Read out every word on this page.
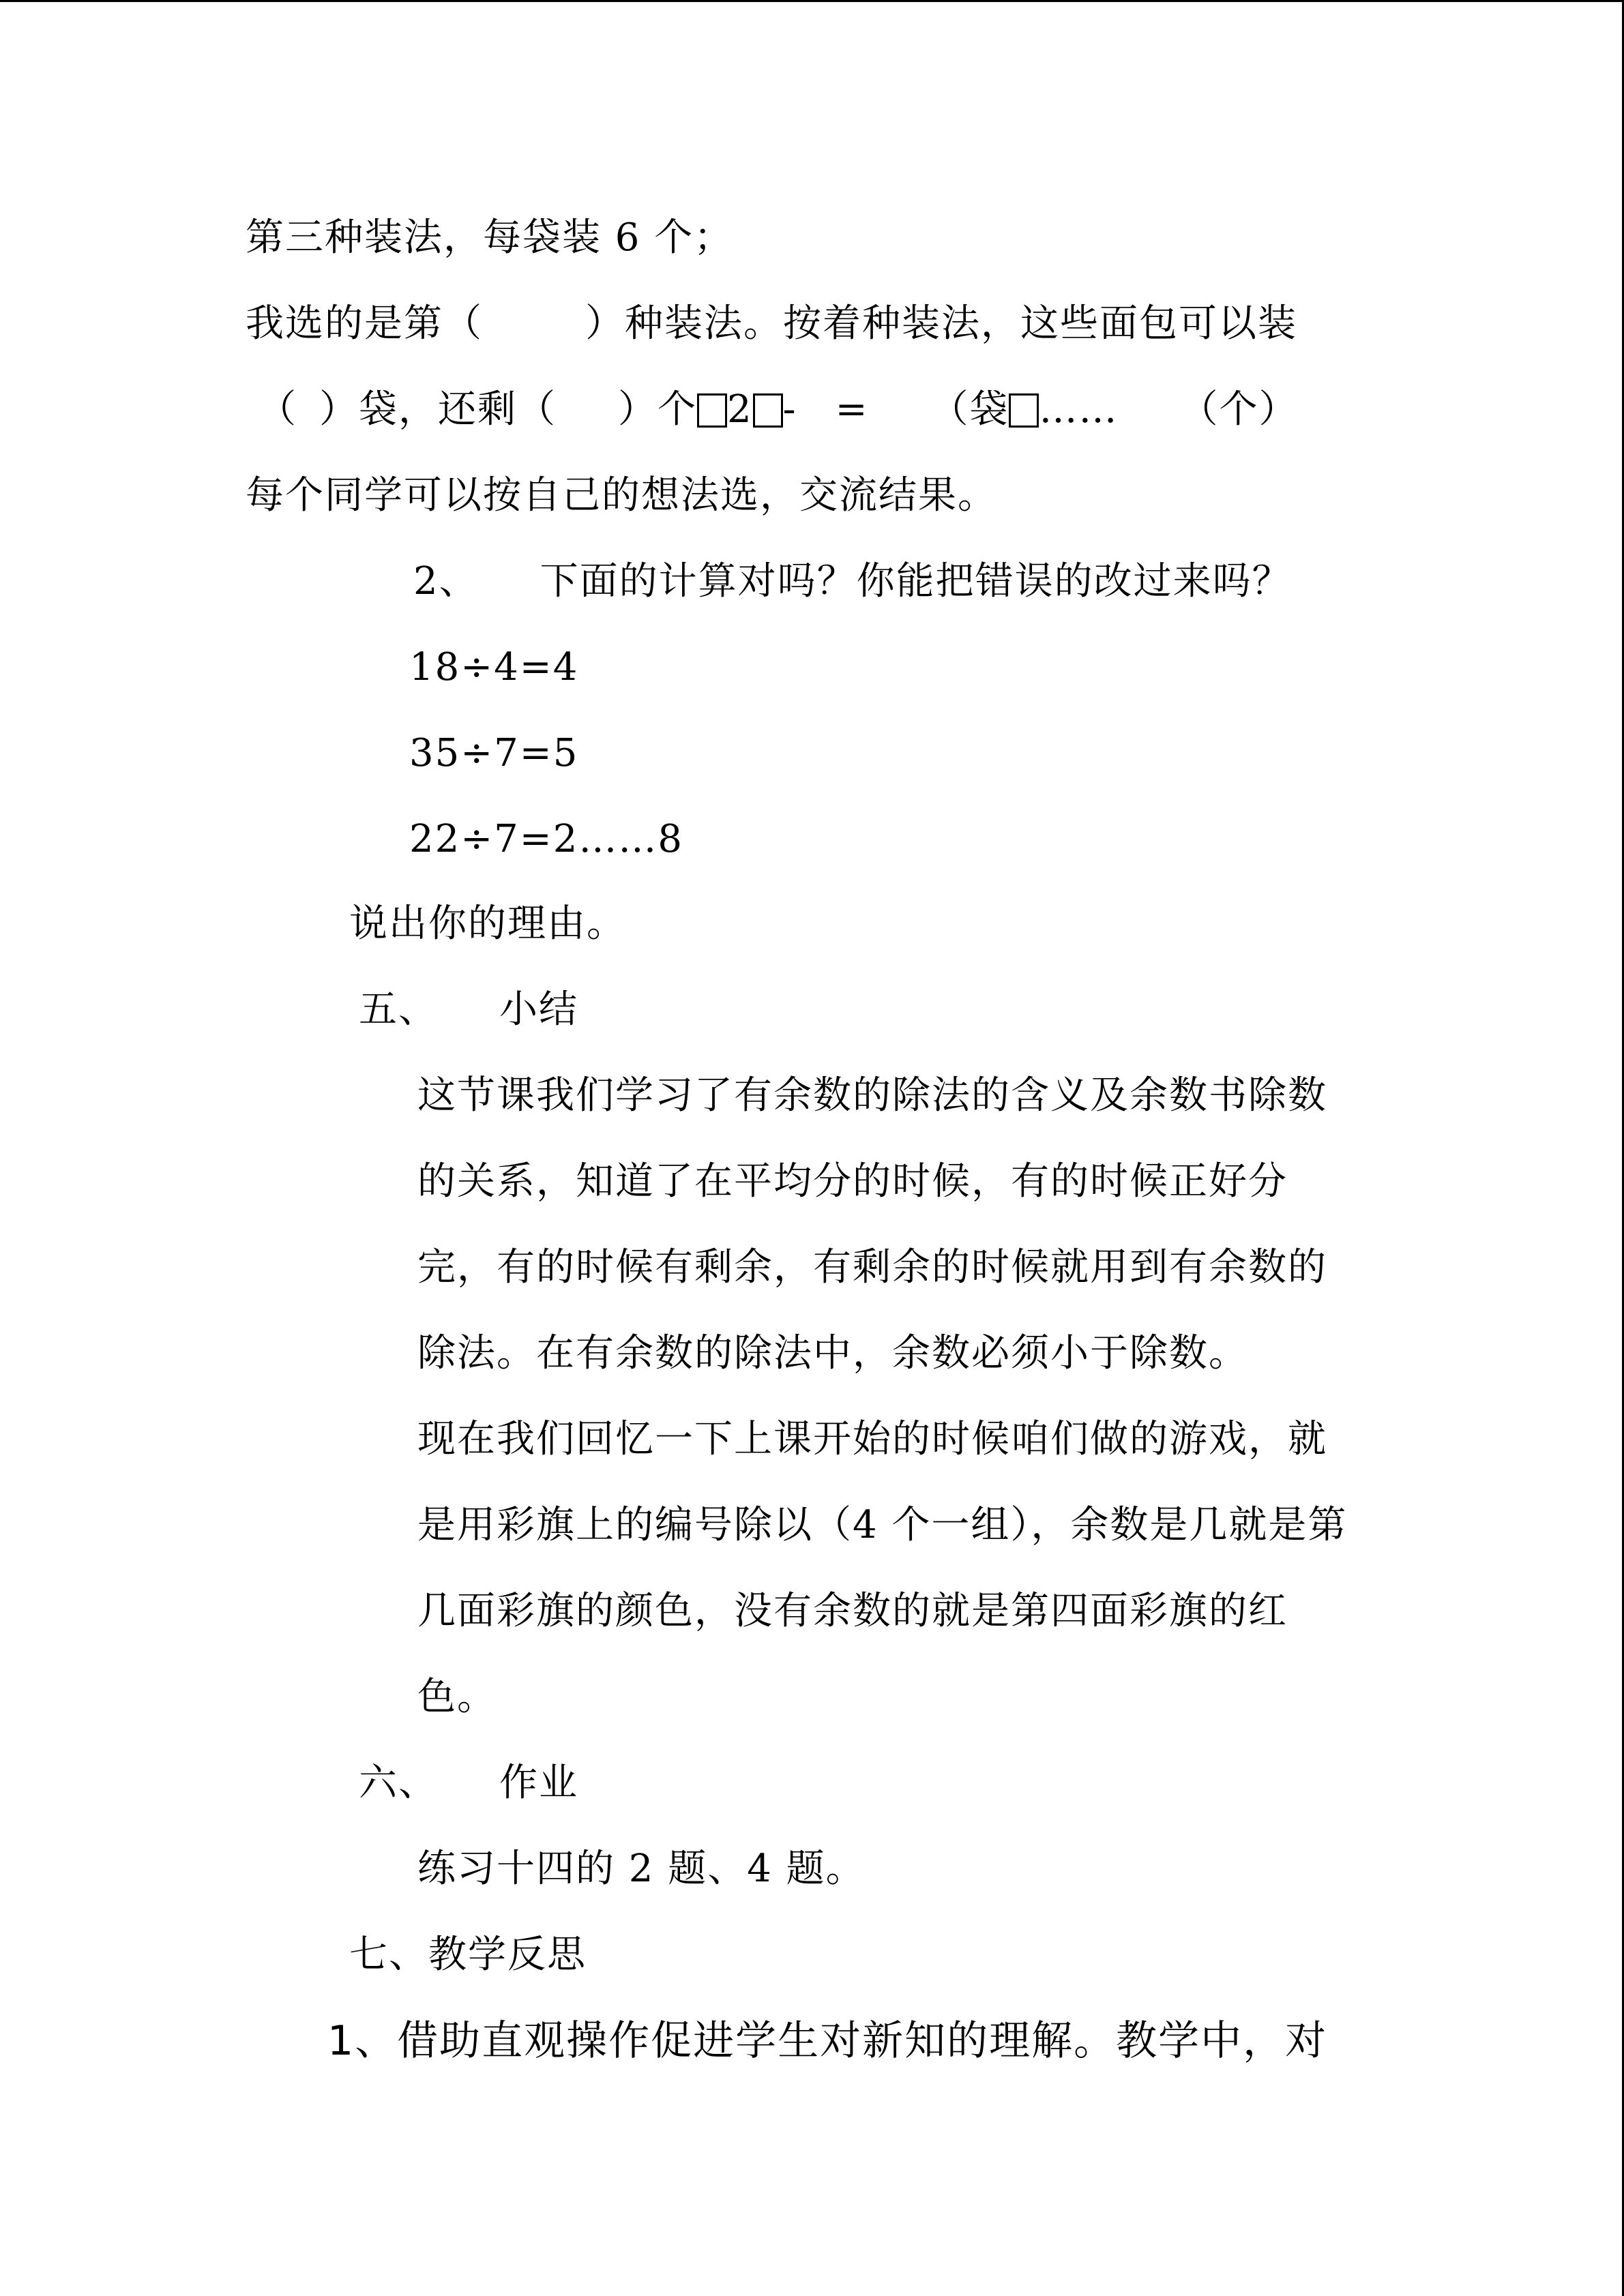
第三种装法，每袋装 6 个；
我选的是第（	）种装法。按着种装法，这些面包可以装
（ ）袋，还剩（ ）个 2 - = （袋 …… （个）
每个同学可以按自己的想法选，交流结果。
2、 下面的计算对吗？你能把错误的改过来吗？
18÷4=4
35÷7=5
22÷7=2……8
说出你的理由。
五、 小结
这节课我们学习了有余数的除法的含义及余数书除数
的关系，知道了在平均分的时候，有的时候正好分
完，有的时候有剩余，有剩余的时候就用到有余数的
除法。在有余数的除法中，余数必须小于除数。
现在我们回忆一下上课开始的时候咱们做的游戏，就
是用彩旗上的编号除以（4 个一组），余数是几就是第
几面彩旗的颜色，没有余数的就是第四面彩旗的红
色。
六、 作业
练习十四的 2 题、4 题。
七、教学反思
1、借助直观操作促进学生对新知的理解。教学中，对
